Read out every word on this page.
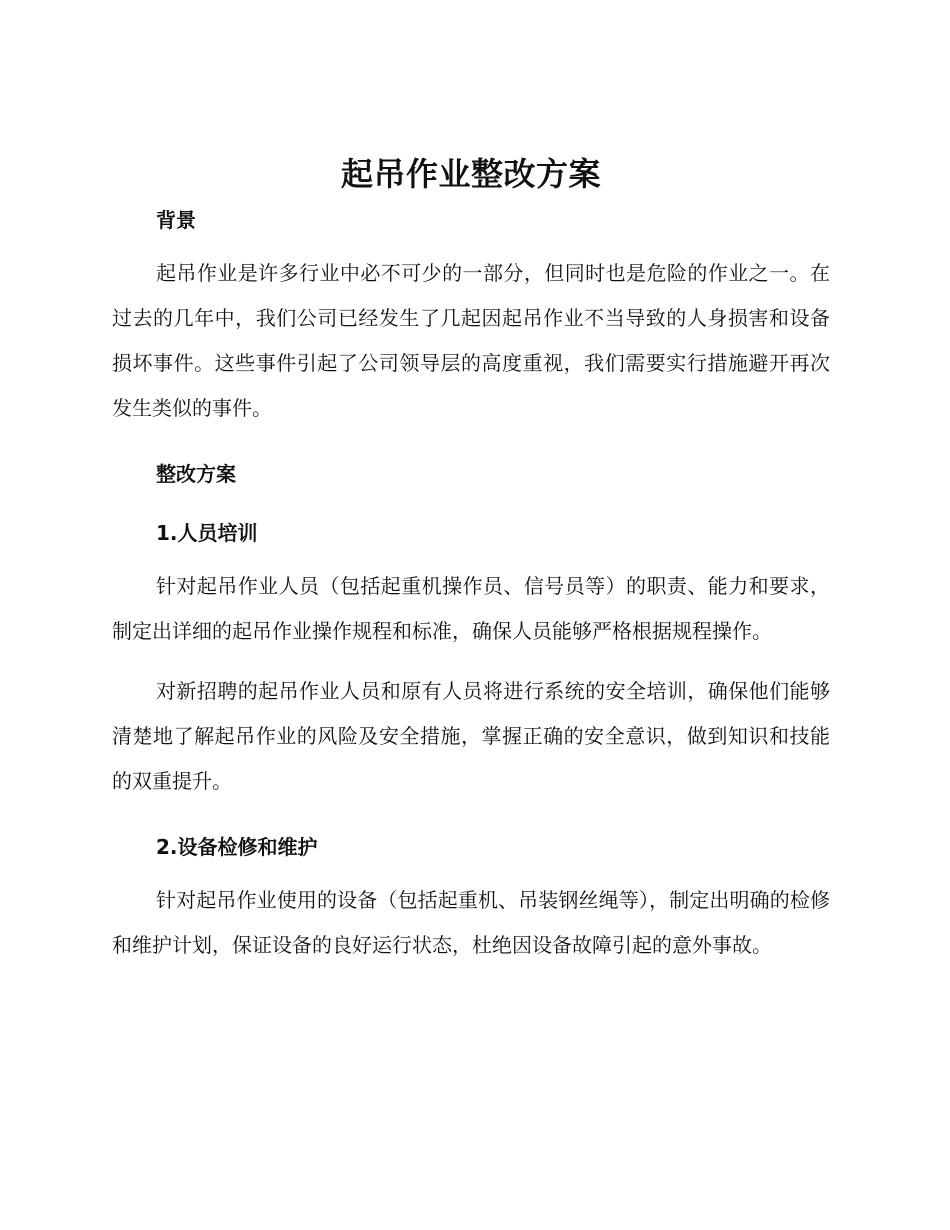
起吊作业整改方案
背景

起吊作业是许多行业中必不可少的一部分，但同时也是危险的作业之一。在过去的几年中，我们公司已经发生了几起因起吊作业不当导致的人身损害和设备损坏事件。这些事件引起了公司领导层的高度重视，我们需要实行措施避开再次发生类似的事件。

整改方案
1.人员培训

针对起吊作业人员（包括起重机操作员、信号员等）的职责、能力和要求，制定出详细的起吊作业操作规程和标准，确保人员能够严格根据规程操作。

对新招聘的起吊作业人员和原有人员将进行系统的安全培训，确保他们能够清楚地了解起吊作业的风险及安全措施，掌握正确的安全意识，做到知识和技能的双重提升。

2.设备检修和维护

针对起吊作业使用的设备（包括起重机、吊装钢丝绳等），制定出明确的检修和维护计划，保证设备的良好运行状态，杜绝因设备故障引起的意外事故。
